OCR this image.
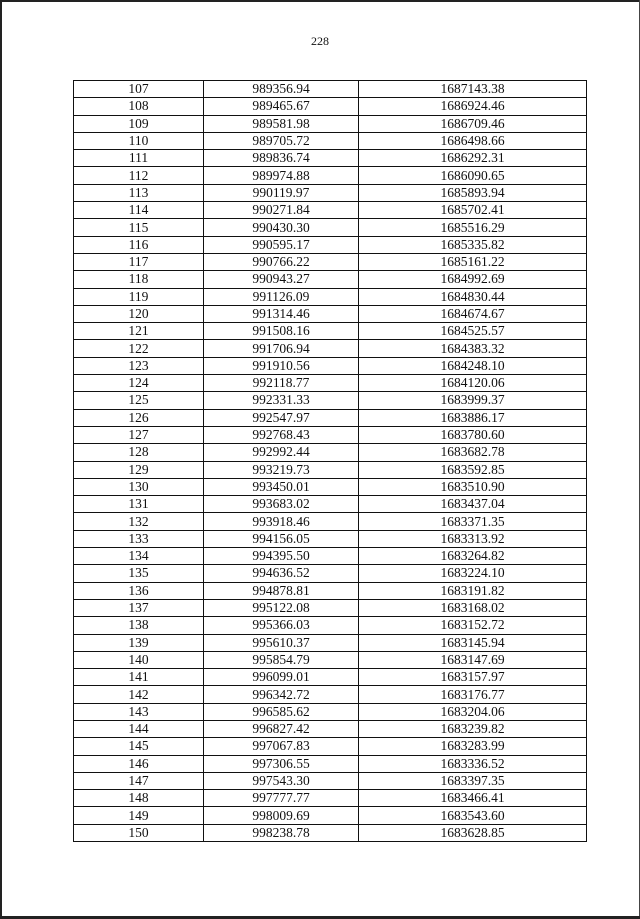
228
107	989356.94	1687143.38
108	989465.67	1686924.46
109	989581.98	1686709.46
110	989705.72	1686498.66
111	989836.74	1686292.31
112	989974.88	1686090.65
113	990119.97	1685893.94
114	990271.84	1685702.41
115	990430.30	1685516.29
116	990595.17	1685335.82
117	990766.22	1685161.22
118	990943.27	1684992.69
119	991126.09	1684830.44
120	991314.46	1684674.67
121	991508.16	1684525.57
122	991706.94	1684383.32
123	991910.56	1684248.10
124	992118.77	1684120.06
125	992331.33	1683999.37
126	992547.97	1683886.17
127	992768.43	1683780.60
128	992992.44	1683682.78
129	993219.73	1683592.85
130	993450.01	1683510.90
131	993683.02	1683437.04
132	993918.46	1683371.35
133	994156.05	1683313.92
134	994395.50	1683264.82
135	994636.52	1683224.10
136	994878.81	1683191.82
137	995122.08	1683168.02
138	995366.03	1683152.72
139	995610.37	1683145.94
140	995854.79	1683147.69
141	996099.01	1683157.97
142	996342.72	1683176.77
143	996585.62	1683204.06
144	996827.42	1683239.82
145	997067.83	1683283.99
146	997306.55	1683336.52
147	997543.30	1683397.35
148	997777.77	1683466.41
149	998009.69	1683543.60
150	998238.78	1683628.85
